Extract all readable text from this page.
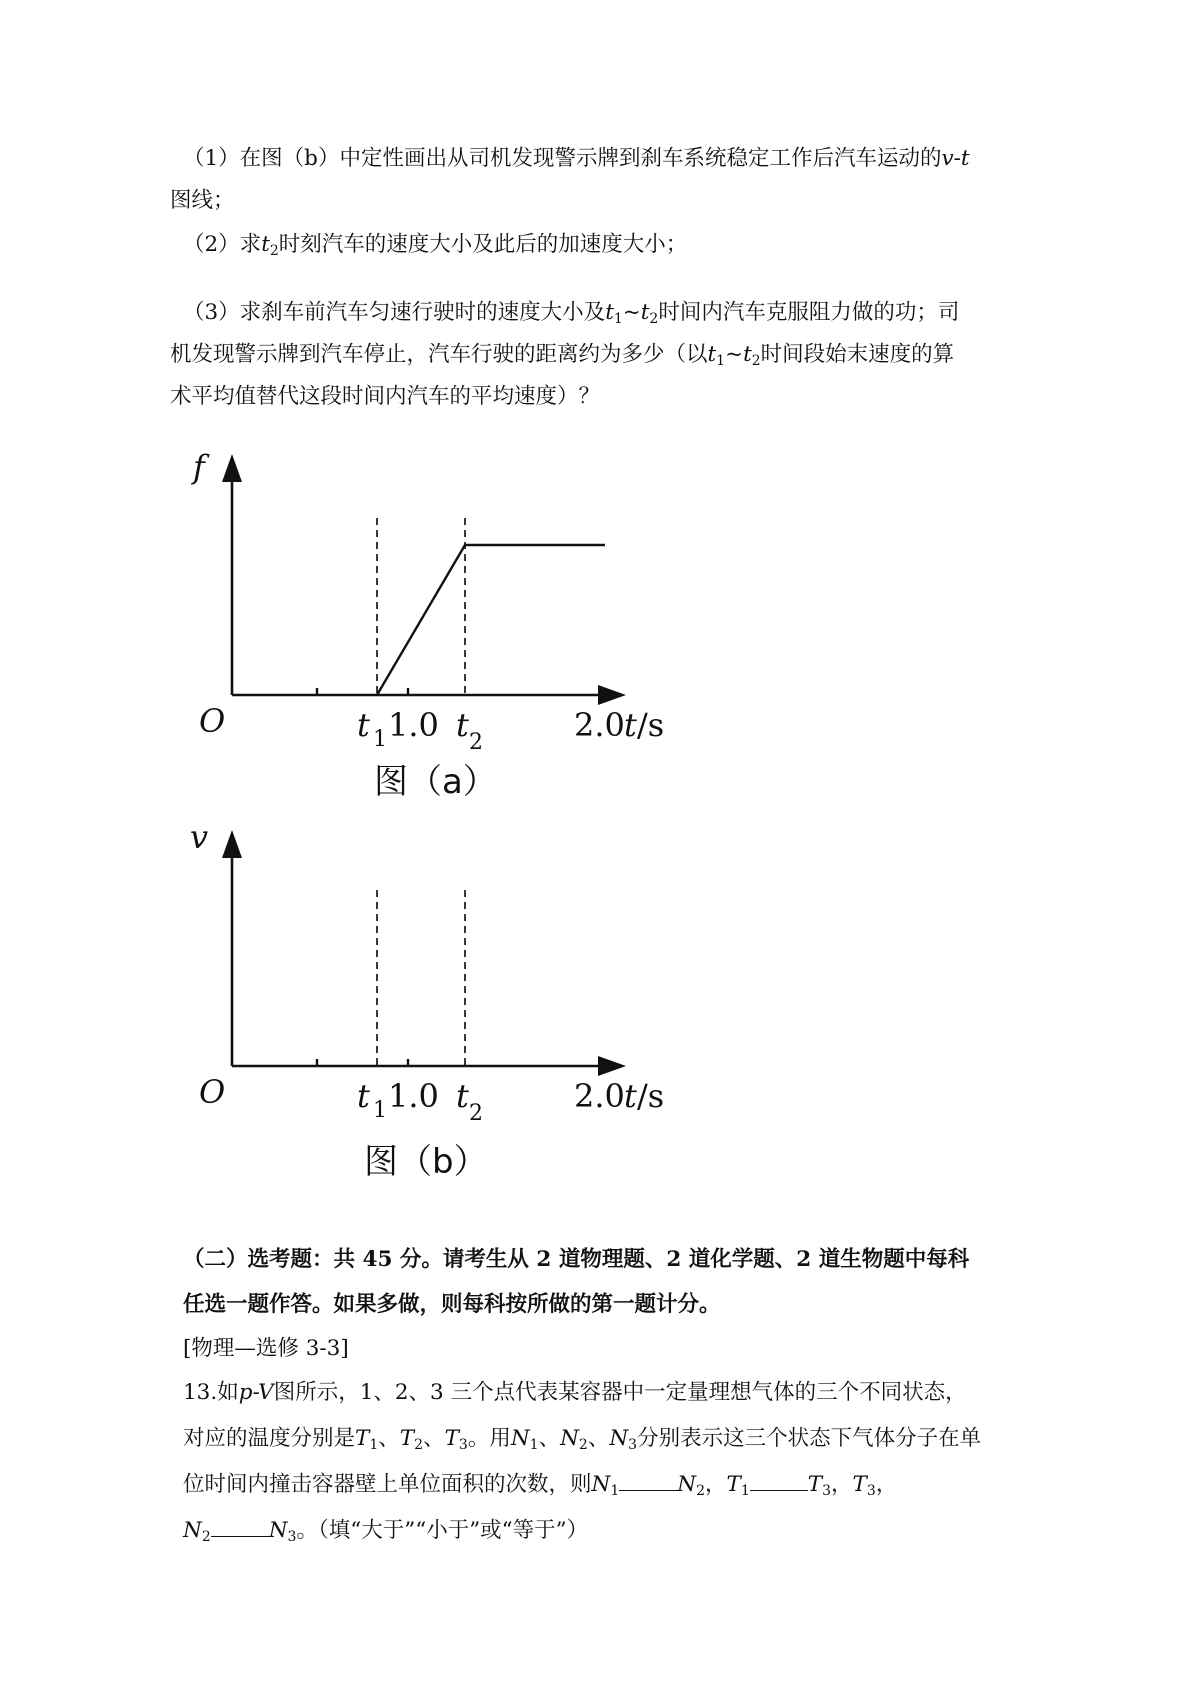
（1）在图（b）中定性画出从司机发现警示牌到刹车系统稳定工作后汽车运动的v-t
图线；
（2）求$t_2$时刻汽车的速度大小及此后的加速度大小；
（3）求刹车前汽车匀速行驶时的速度大小及$t_1\sim t_2$时间内汽车克服阻力做的功；司
机发现警示牌到汽车停止，汽车行驶的距离约为多少（以$t_1\sim t_2$时间段始末速度的算
术平均值替代这段时间内汽车的平均速度）？
f
O	t 1 1.0 t 2	2.0 t /s
图（a）
v
O	t 1 1.0 t 2	2.0 t /s
图（b）
（二）选考题：共 45 分。请考生从 2 道物理题、2 道化学题、2 道生物题中每科
任选一题作答。如果多做，则每科按所做的第一题计分。
[物理—选修 3-3]
13.如p-V图所示，1、2、3 三个点代表某容器中一定量理想气体的三个不同状态，
对应的温度分别是$T_1$、$T_2$、$T_3$。用$N_1$、$N_2$、$N_3$分别表示这三个状态下气体分子在单
位时间内撞击容器壁上单位面积的次数，则$N_1$	$N_2$，$T_1$	$T_3$，$T_3$，
$N_2$	$N_3$。（填“大于”“小于”或“等于”）
